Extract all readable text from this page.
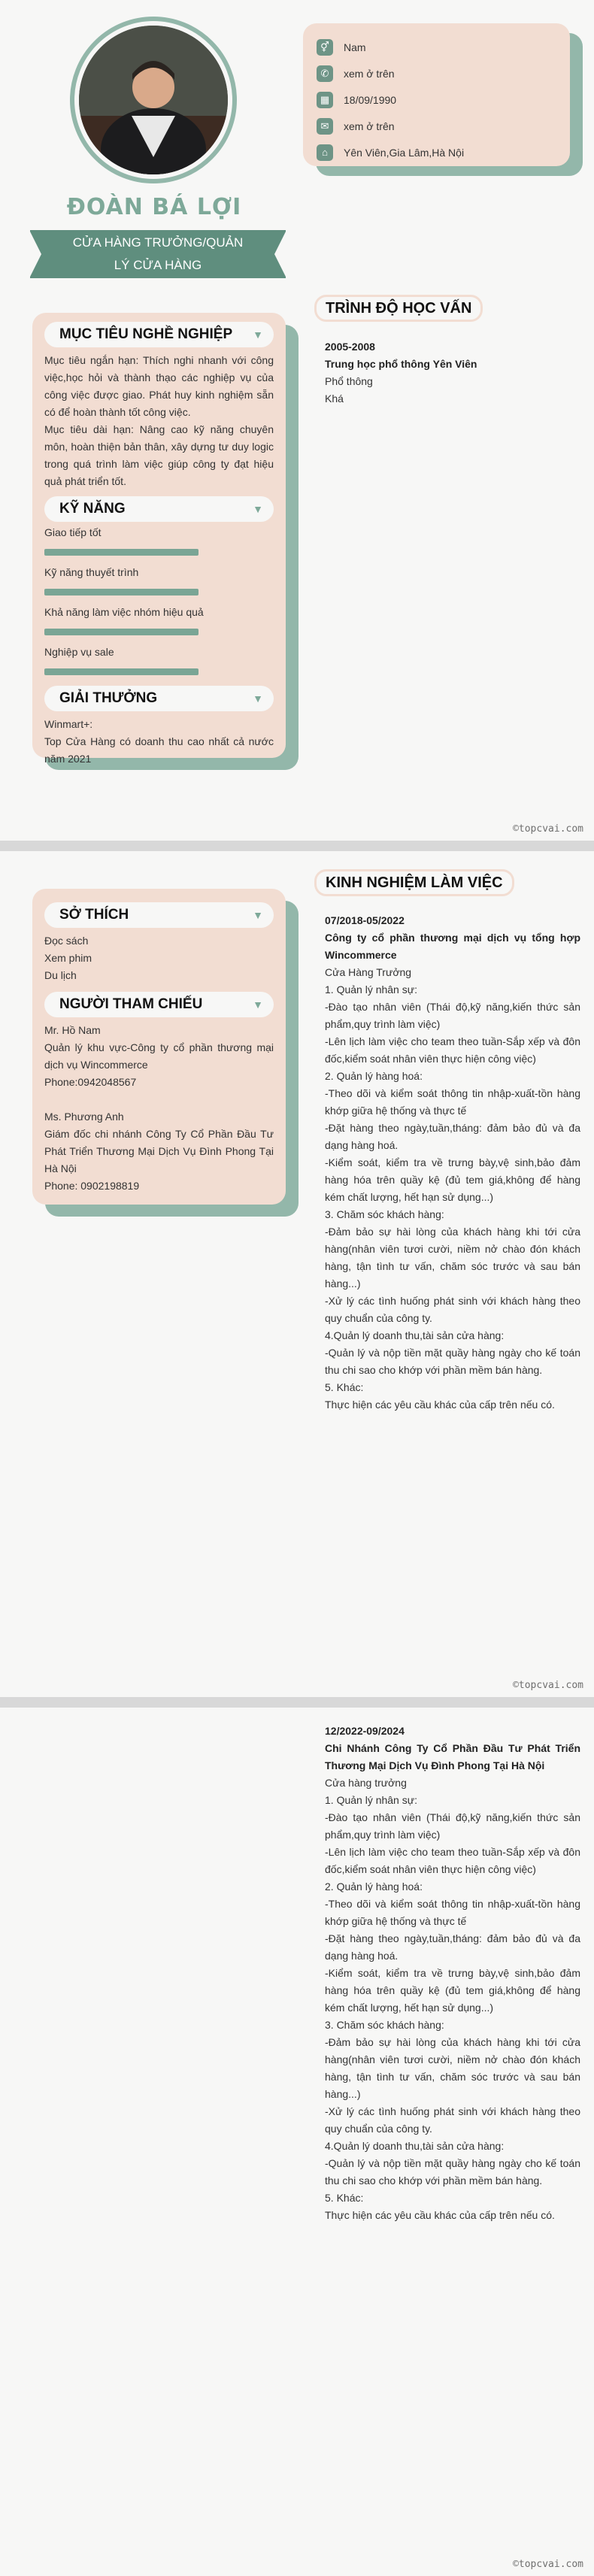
ĐOÀN BÁ LỢI
CỬA HÀNG TRƯỞNG/QUẢN
LÝ CỬA HÀNG
⚥	Nam
✆	xem ở trên
▦	18/09/1990
✉	xem ở trên
⌂	Yên Viên,Gia Lâm,Hà Nội
MỤC TIÊU NGHỀ NGHIỆP ▼
Mục tiêu ngắn hạn: Thích nghi nhanh với công việc,học hỏi và thành thạo các nghiệp vụ của công việc được giao. Phát huy kinh nghiệm sẵn có để hoàn thành tốt công việc.
Mục tiêu dài hạn: Nâng cao kỹ năng chuyên môn, hoàn thiện bản thân, xây dựng tư duy logic trong quá trình làm việc giúp công ty đạt hiệu quả phát triển tốt.
KỸ NĂNG	▼
Giao tiếp tốt
Kỹ năng thuyết trình
Khả năng làm việc nhóm hiệu quả
Nghiệp vụ sale
GIẢI THƯỞNG	▼
Winmart+:
Top Cửa Hàng có doanh thu cao nhất cả nước năm 2021
TRÌNH ĐỘ HỌC VẤN
2005-2008
Trung học phổ thông Yên Viên
Phổ thông
Khá
©topcvai.com
SỞ THÍCH	▼
Đọc sách
Xem phim
Du lịch
NGƯỜI THAM CHIẾU	▼
Mr. Hồ Nam
Quản lý khu vực-Công ty cổ phần thương mại dịch vụ Wincommerce
Phone:0942048567
Ms. Phương Anh
Giám đốc chi nhánh Công Ty Cổ Phần Đầu Tư Phát Triển Thương Mại Dịch Vụ Đình Phong Tại Hà Nội
Phone: 0902198819
KINH NGHIỆM LÀM VIỆC
07/2018-05/2022
Công ty cổ phần thương mại dịch vụ tổng hợp Wincommerce
Cửa Hàng Trưởng
1. Quản lý nhân sự:
-Đào tạo nhân viên (Thái độ,kỹ năng,kiến thức sản phẩm,quy trình làm việc)
-Lên lịch làm việc cho team theo tuần-Sắp xếp và đôn đốc,kiểm soát nhân viên thực hiện công việc)
2. Quản lý hàng hoá:
-Theo dõi và kiểm soát thông tin nhập-xuất-tồn hàng khớp giữa hệ thống và thực tế
-Đặt hàng theo ngày,tuần,tháng: đảm bảo đủ và đa dạng hàng hoá.
-Kiểm soát, kiểm tra về trưng bày,vệ sinh,bảo đảm hàng hóa trên quầy kệ (đủ tem giá,không để hàng kém chất lượng, hết hạn sử dụng...)
3. Chăm sóc khách hàng:
-Đảm bảo sự hài lòng của khách hàng khi tới cửa hàng(nhân viên tươi cười, niềm nở chào đón khách hàng, tận tình tư vấn, chăm sóc trước và sau bán hàng...)
-Xử lý các tình huống phát sinh với khách hàng theo quy chuẩn của công ty.
4.Quản lý doanh thu,tài sản cửa hàng:
-Quản lý và nộp tiền mặt quầy hàng ngày cho kế toán thu chi sao cho khớp với phần mềm bán hàng.
5. Khác:
Thực hiện các yêu cầu khác của cấp trên nếu có.
©topcvai.com
12/2022-09/2024
Chi Nhánh Công Ty Cổ Phần Đầu Tư Phát Triển Thương Mại Dịch Vụ Đình Phong Tại Hà Nội
Cửa hàng trưởng
1. Quản lý nhân sự:
-Đào tạo nhân viên (Thái độ,kỹ năng,kiến thức sản phẩm,quy trình làm việc)
-Lên lịch làm việc cho team theo tuần-Sắp xếp và đôn đốc,kiểm soát nhân viên thực hiện công việc)
2. Quản lý hàng hoá:
-Theo dõi và kiểm soát thông tin nhập-xuất-tồn hàng khớp giữa hệ thống và thực tế
-Đặt hàng theo ngày,tuần,tháng: đảm bảo đủ và đa dạng hàng hoá.
-Kiểm soát, kiểm tra về trưng bày,vệ sinh,bảo đảm hàng hóa trên quầy kệ (đủ tem giá,không để hàng kém chất lượng, hết hạn sử dụng...)
3. Chăm sóc khách hàng:
-Đảm bảo sự hài lòng của khách hàng khi tới cửa hàng(nhân viên tươi cười, niềm nở chào đón khách hàng, tận tình tư vấn, chăm sóc trước và sau bán hàng...)
-Xử lý các tình huống phát sinh với khách hàng theo quy chuẩn của công ty.
4.Quản lý doanh thu,tài sản cửa hàng:
-Quản lý và nộp tiền mặt quầy hàng ngày cho kế toán thu chi sao cho khớp với phần mềm bán hàng.
5. Khác:
Thực hiện các yêu cầu khác của cấp trên nếu có.
©topcvai.com
